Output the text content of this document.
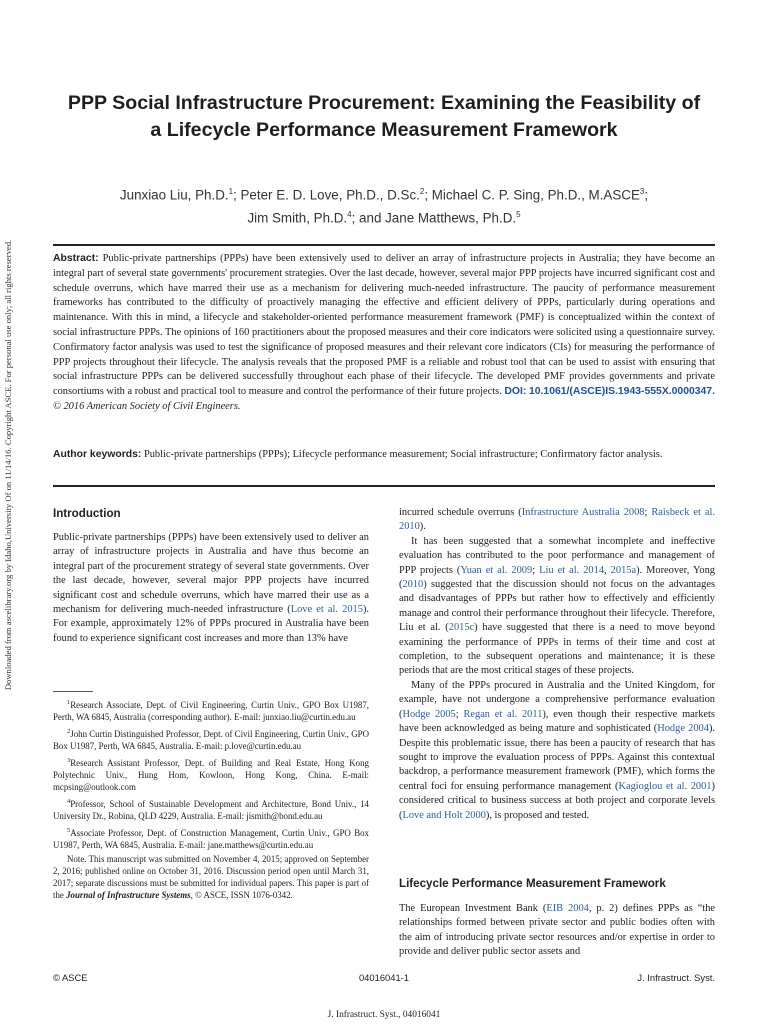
Downloaded from ascelibrary.org by Idaho,University Of on 11/14/16. Copyright ASCE. For personal use only; all rights reserved.
PPP Social Infrastructure Procurement: Examining the Feasibility of a Lifecycle Performance Measurement Framework
Junxiao Liu, Ph.D.$^1$; Peter E. D. Love, Ph.D., D.Sc.$^2$; Michael C. P. Sing, Ph.D., M.ASCE$^3$;
Jim Smith, Ph.D.$^4$; and Jane Matthews, Ph.D.$^5$
Abstract: Public-private partnerships (PPPs) have been extensively used to deliver an array of infrastructure projects in Australia; they have become an integral part of several state governments' procurement strategies. Over the last decade, however, several major PPP projects have incurred significant cost and schedule overruns, which have marred their use as a mechanism for delivering much-needed infrastructure. The paucity of performance measurement frameworks has contributed to the difficulty of proactively managing the effective and efficient delivery of PPPs, particularly during operations and maintenance. With this in mind, a lifecycle and stakeholder-oriented performance measurement framework (PMF) is conceptualized within the context of social infrastructure PPPs. The opinions of 160 practitioners about the proposed measures and their core indicators were solicited using a questionnaire survey. Confirmatory factor analysis was used to test the significance of proposed measures and their relevant core indicators (CIs) for measuring the performance of PPP projects throughout their lifecycle. The analysis reveals that the proposed PMF is a reliable and robust tool that can be used to assist with ensuring that social infrastructure PPPs can be delivered successfully throughout each phase of their lifecycle. The developed PMF provides governments and private consortiums with a robust and practical tool to measure and control the performance of their future projects. DOI: 10.1061/(ASCE)IS.1943-555X.0000347. © 2016 American Society of Civil Engineers.
Author keywords: Public-private partnerships (PPPs); Lifecycle performance measurement; Social infrastructure; Confirmatory factor analysis.
Introduction

Public-private partnerships (PPPs) have been extensively used to deliver an array of infrastructure projects in Australia and have thus become an integral part of the procurement strategy of several state governments. Over the last decade, however, several major PPP projects have incurred significant cost and schedule overruns, which have marred their use as a mechanism for delivering much-needed infrastructure (Love et al. 2015). For example, approximately 12% of PPPs procured in Australia have been found to experience significant cost increases and more than 13% have

$^1$Research Associate, Dept. of Civil Engineering, Curtin Univ., GPO Box U1987, Perth, WA 6845, Australia (corresponding author). E-mail: junxiao.liu@curtin.edu.au

$^2$John Curtin Distinguished Professor, Dept. of Civil Engineering, Curtin Univ., GPO Box U1987, Perth, WA 6845, Australia. E-mail: p.love@curtin.edu.au

$^3$Research Assistant Professor, Dept. of Building and Real Estate, Hong Kong Polytechnic Univ., Hung Hom, Kowloon, Hong Kong, China. E-mail: mcpsing@outlook.com

$^4$Professor, School of Sustainable Development and Architecture, Bond Univ., 14 University Dr., Robina, QLD 4229, Australia. E-mail: jismith@bond.edu.au

$^5$Associate Professor, Dept. of Construction Management, Curtin Univ., GPO Box U1987, Perth, WA 6845, Australia. E-mail: jane.matthews@curtin.edu.au

Note. This manuscript was submitted on November 4, 2015; approved on September 2, 2016; published online on October 31, 2016. Discussion period open until March 31, 2017; separate discussions must be submitted for individual papers. This paper is part of the Journal of Infrastructure Systems, © ASCE, ISSN 1076-0342.

incurred schedule overruns (Infrastructure Australia 2008; Raisbeck et al. 2010).

It has been suggested that a somewhat incomplete and ineffective evaluation has contributed to the poor performance and management of PPP projects (Yuan et al. 2009; Liu et al. 2014, 2015a). Moreover, Yong (2010) suggested that the discussion should not focus on the advantages and disadvantages of PPPs but rather how to effectively and efficiently manage and control their performance throughout their lifecycle. Therefore, Liu et al. (2015c) have suggested that there is a need to move beyond examining the performance of PPPs in terms of their time and cost at completion, to the subsequent operations and maintenance; it is these periods that are the most critical stages of these projects.

Many of the PPPs procured in Australia and the United Kingdom, for example, have not undergone a comprehensive performance evaluation (Hodge 2005; Regan et al. 2011), even though their respective markets have been acknowledged as being mature and sophisticated (Hodge 2004). Despite this problematic issue, there has been a paucity of research that has sought to improve the evaluation process of PPPs. Against this contextual backdrop, a performance measurement framework (PMF), which forms the central foci for ensuing performance management (Kagioglou et al. 2001) considered critical to business success at both project and corporate levels (Love and Holt 2000), is proposed and tested.

Lifecycle Performance Measurement Framework

The European Investment Bank (EIB 2004, p. 2) defines PPPs as “the relationships formed between private sector and public bodies often with the aim of introducing private sector resources and/or expertise in order to provide and deliver public sector assets and

© ASCE	04016041-1	J. Infrastruct. Syst.
J. Infrastruct. Syst., 04016041
